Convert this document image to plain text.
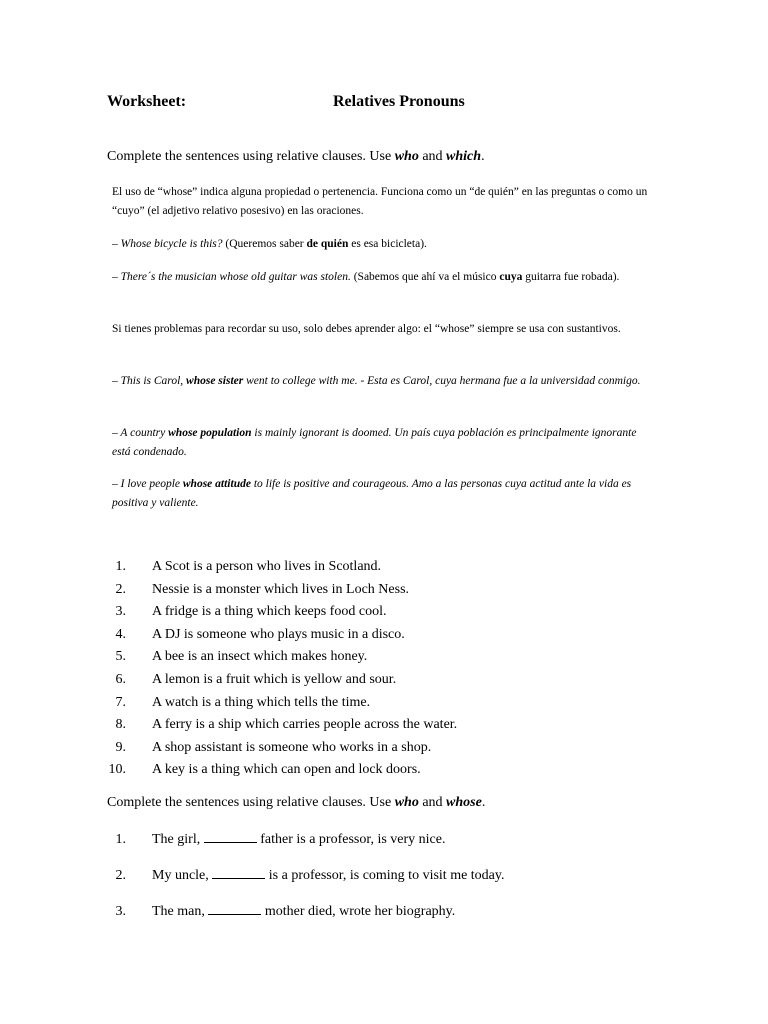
Worksheet:	Relatives Pronouns
Complete the sentences using relative clauses. Use who and which.
El uso de “whose” indica alguna propiedad o pertenencia. Funciona como un “de quién” en las preguntas o como un “cuyo” (el adjetivo relativo posesivo) en las oraciones.
– Whose bicycle is this? (Queremos saber de quién es esa bicicleta).
– There´s the musician whose old guitar was stolen. (Sabemos que ahí va el músico cuya guitarra fue robada).
Si tienes problemas para recordar su uso, solo debes aprender algo: el “whose” siempre se usa con sustantivos.
– This is Carol, whose sister went to college with me. - Esta es Carol, cuya hermana fue a la universidad conmigo.
– A country whose population is mainly ignorant is doomed. Un país cuya población es principalmente ignorante está condenado.
– I love people whose attitude to life is positive and courageous. Amo a las personas cuya actitud ante la vida es positiva y valiente.
1. A Scot is a person who lives in Scotland.
2. Nessie is a monster which lives in Loch Ness.
3. A fridge is a thing which keeps food cool.
4. A DJ is someone who plays music in a disco.
5. A bee is an insect which makes honey.
6. A lemon is a fruit which is yellow and sour.
7. A watch is a thing which tells the time.
8. A ferry is a ship which carries people across the water.
9. A shop assistant is someone who works in a shop.
10. A key is a thing which can open and lock doors.
Complete the sentences using relative clauses. Use who and whose.
1. The girl,	father is a professor, is very nice.
2. My uncle,	is a professor, is coming to visit me today.
3. The man,	mother died, wrote her biography.
